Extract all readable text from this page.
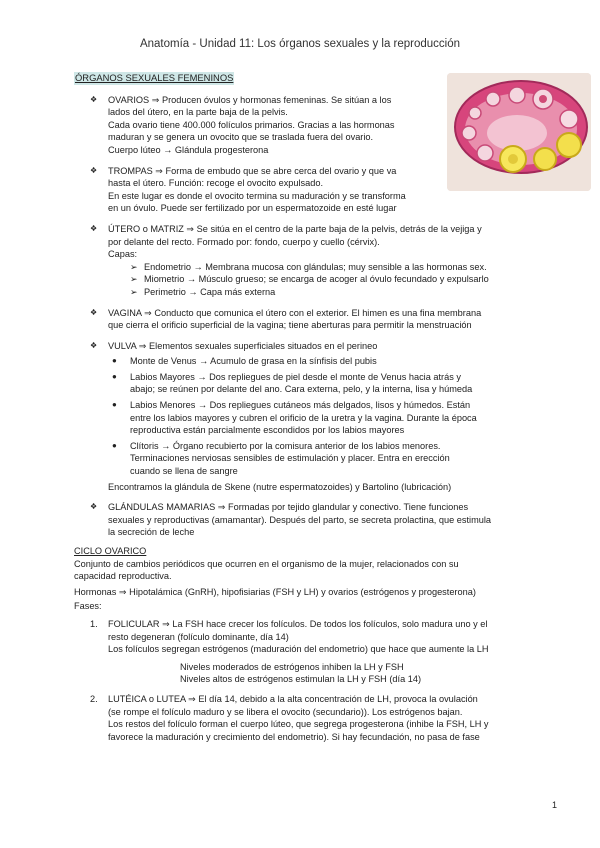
Anatomía - Unidad 11: Los órganos sexuales y la reproducción
ÓRGANOS SEXUALES FEMENINOS
❖ OVARIOS ⇒ Producen óvulos y hormonas femeninas. Se sitúan a los
lados del útero, en la parte baja de la pelvis.
Cada ovario tiene 400.000 folículos primarios. Gracias a las hormonas
maduran y se genera un ovocito que se traslada fuera del ovario.
Cuerpo lúteo → Glándula progesterona
❖ TROMPAS ⇒ Forma de embudo que se abre cerca del ovario y que va
hasta el útero. Función: recoge el ovocito expulsado.
En este lugar es donde el ovocito termina su maduración y se transforma
en un óvulo. Puede ser fertilizado por un espermatozoide en esté lugar
❖ ÚTERO o MATRIZ ⇒ Se sitúa en el centro de la parte baja de la pelvis, detrás de la vejiga y
por delante del recto. Formado por: fondo, cuerpo y cuello (cérvix).
Capas:
➢ Endometrio → Membrana mucosa con glándulas; muy sensible a las hormonas sex.
➢ Miometrio → Músculo grueso; se encarga de acoger al óvulo fecundado y expulsarlo
➢ Perimetrio → Capa más externa
❖ VAGINA ⇒ Conducto que comunica el útero con el exterior. El himen es una fina membrana
que cierra el orificio superficial de la vagina; tiene aberturas para permitir la menstruación
❖ VULVA ⇒ Elementos sexuales superficiales situados en el perineo
● Monte de Venus → Acumulo de grasa en la sínfisis del pubis
● Labios Mayores → Dos repliegues de piel desde el monte de Venus hacia atrás y
abajo; se reúnen por delante del ano. Cara externa, pelo, y la interna, lisa y húmeda
● Labios Menores → Dos repliegues cutáneos más delgados, lisos y húmedos. Están
entre los labios mayores y cubren el orificio de la uretra y la vagina. Durante la época
reproductiva están parcialmente escondidos por los labios mayores
● Clítoris → Órgano recubierto por la comisura anterior de los labios menores.
Terminaciones nerviosas sensibles de estimulación y placer. Entra en erección
cuando se llena de sangre
Encontramos la glándula de Skene (nutre espermatozoides) y Bartolino (lubricación)
❖ GLÁNDULAS MAMARIAS ⇒ Formadas por tejido glandular y conectivo. Tiene funciones
sexuales y reproductivas (amamantar). Después del parto, se secreta prolactina, que estimula
la secreción de leche
CICLO OVARICO
Conjunto de cambios periódicos que ocurren en el organismo de la mujer, relacionados con su
capacidad reproductiva.
Hormonas ⇒ Hipotalámica (GnRH), hipofisiarias (FSH y LH) y ovarios (estrógenos y progesterona)
Fases:
1. FOLICULAR ⇒ La FSH hace crecer los folículos. De todos los folículos, solo madura uno y el
resto degeneran (folículo dominante, día 14)
Los folículos segregan estrógenos (maduración del endometrio) que hace que aumente la LH
Niveles moderados de estrógenos inhiben la LH y FSH
Niveles altos de estrógenos estimulan la LH y FSH (día 14)
2. LUTÉICA o LUTEA ⇒ El día 14, debido a la alta concentración de LH, provoca la ovulación
(se rompe el folículo maduro y se libera el ovocito (secundario)). Los estrógenos bajan.
Los restos del folículo forman el cuerpo lúteo, que segrega progesterona (inhibe la FSH, LH y
favorece la maduración y crecimiento del endometrio). Si hay fecundación, no pasa de fase
1
